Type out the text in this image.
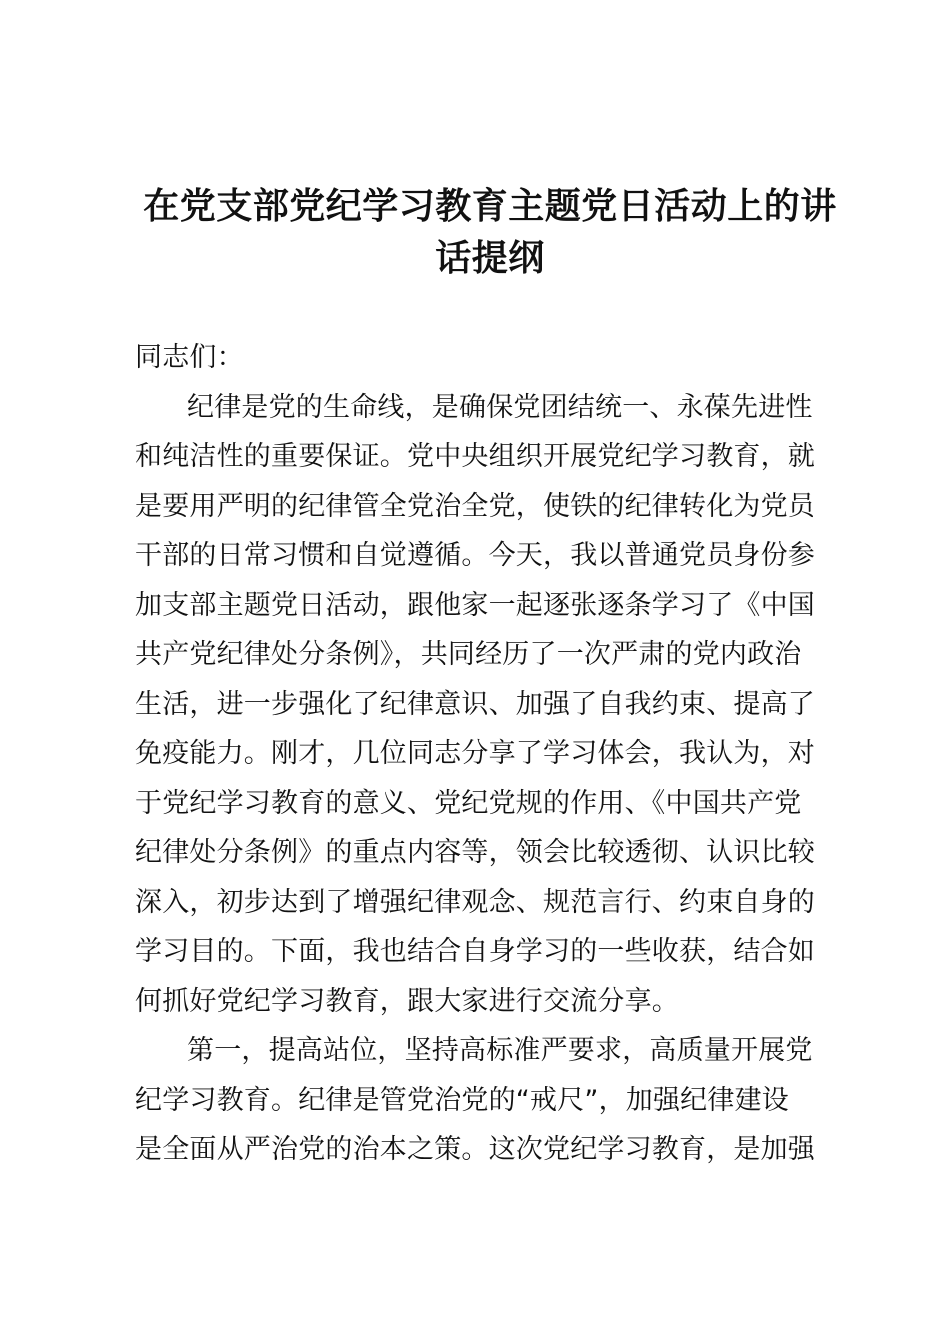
在党支部党纪学习教育主题党日活动上的讲
话提纲
同志们：
纪律是党的生命线，是确保党团结统一、永葆先进性
和纯洁性的重要保证。党中央组织开展党纪学习教育，就
是要用严明的纪律管全党治全党，使铁的纪律转化为党员
干部的日常习惯和自觉遵循。今天，我以普通党员身份参
加支部主题党日活动，跟他家一起逐张逐条学习了《中国
共产党纪律处分条例》，共同经历了一次严肃的党内政治
生活，进一步强化了纪律意识、加强了自我约束、提高了
免疫能力。刚才，几位同志分享了学习体会，我认为，对
于党纪学习教育的意义、党纪党规的作用、《中国共产党
纪律处分条例》的重点内容等，领会比较透彻、认识比较
深入，初步达到了增强纪律观念、规范言行、约束自身的
学习目的。下面，我也结合自身学习的一些收获，结合如
何抓好党纪学习教育，跟大家进行交流分享。
第一，提高站位，坚持高标准严要求，高质量开展党
纪学习教育。纪律是管党治党的“戒尺”，加强纪律建设
是全面从严治党的治本之策。这次党纪学习教育，是加强
